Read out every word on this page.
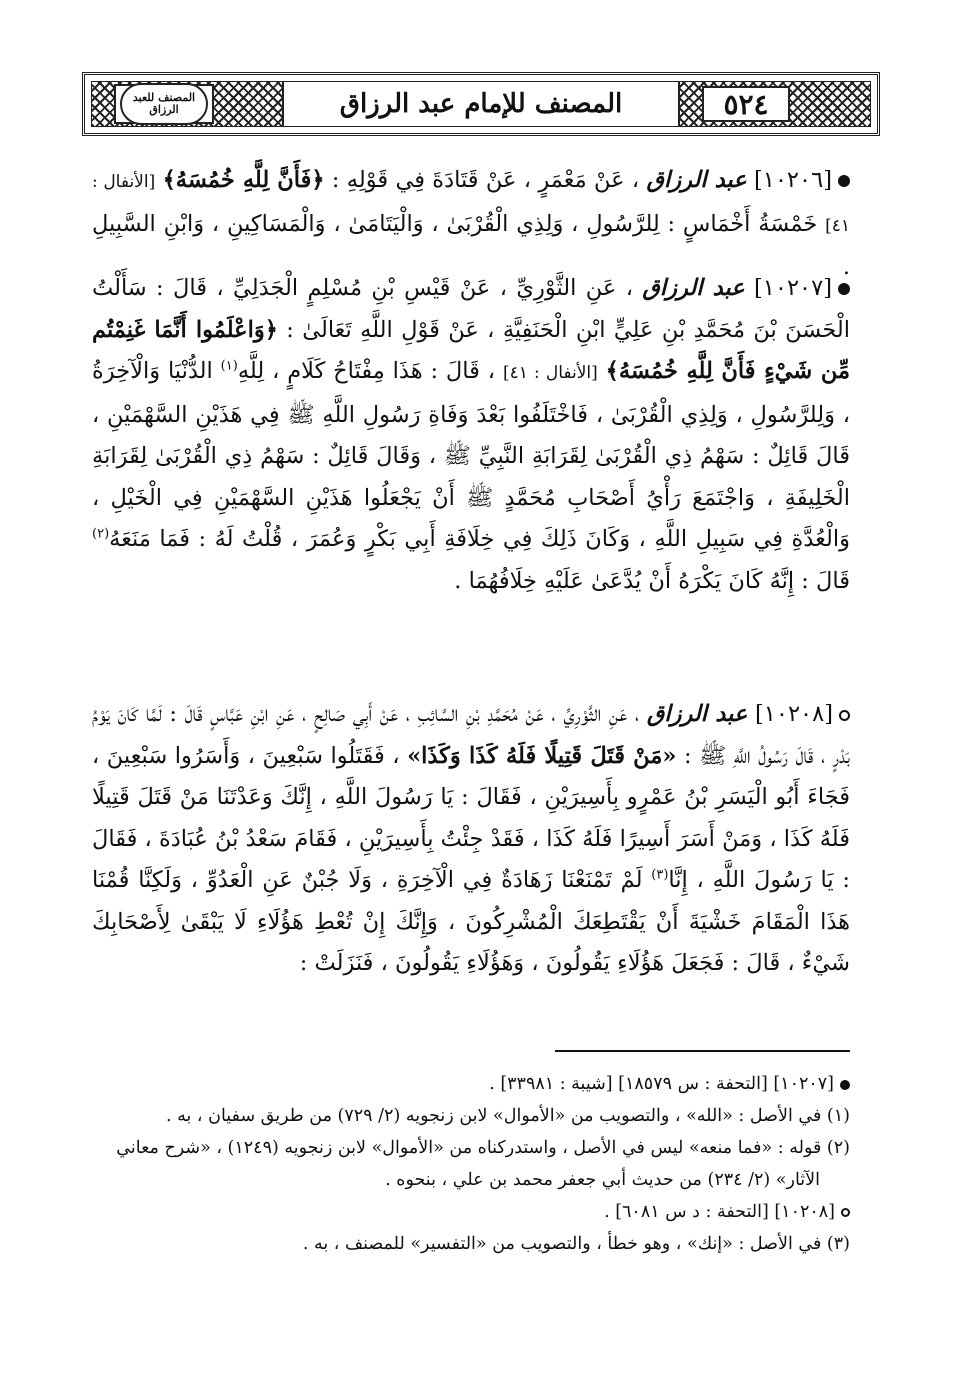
٥٢٤
المصنف للإمام عبد الرزاق
المصنف للعبد الرزاق

[١٠٢٠٦] عبد الرزاق ، عَنْ مَعْمَرٍ ، عَنْ قَتَادَةَ فِي قَوْلِهِ : ﴿فَأَنَّ لِلَّهِ خُمُسَهُ﴾ [الأنفال : ٤١] خَمْسَةُ أَخْمَاسٍ : لِلرَّسُولِ ، وَلِذِي الْقُرْبَىٰ ، وَالْيَتَامَىٰ ، وَالْمَسَاكِينِ ، وَابْنِ السَّبِيلِ .

[١٠٢٠٧] عبد الرزاق ، عَنِ الثَّوْرِيِّ ، عَنْ قَيْسِ بْنِ مُسْلِمٍ الْجَدَلِيِّ ، قَالَ : سَأَلْتُ الْحَسَنَ بْنَ مُحَمَّدِ بْنِ عَلِيٍّ ابْنِ الْحَنَفِيَّةِ ، عَنْ قَوْلِ اللَّهِ تَعَالَىٰ : ﴿وَاعْلَمُوا أَنَّمَا غَنِمْتُم مِّن شَيْءٍ فَأَنَّ لِلَّهِ خُمُسَهُ﴾ [الأنفال : ٤١] ، قَالَ : هَذَا مِفْتَاحُ كَلَامٍ ، لِلَّهِ$^{(١)}$ الدُّنْيَا وَالْآخِرَةُ ، وَلِلرَّسُولِ ، وَلِذِي الْقُرْبَىٰ ، فَاخْتَلَفُوا بَعْدَ وَفَاةِ رَسُولِ اللَّهِ ﷺ فِي هَذَيْنِ السَّهْمَيْنِ ، قَالَ قَائِلٌ : سَهْمُ ذِي الْقُرْبَىٰ لِقَرَابَةِ النَّبِيِّ ﷺ ، وَقَالَ قَائِلٌ : سَهْمُ ذِي الْقُرْبَىٰ لِقَرَابَةِ الْخَلِيفَةِ ، وَاجْتَمَعَ رَأْيُ أَصْحَابِ مُحَمَّدٍ ﷺ أَنْ يَجْعَلُوا هَذَيْنِ السَّهْمَيْنِ فِي الْخَيْلِ ، وَالْعُدَّةِ فِي سَبِيلِ اللَّهِ ، وَكَانَ ذَلِكَ فِي خِلَافَةِ أَبِي بَكْرٍ وَعُمَرَ ، قُلْتُ لَهُ : فَمَا مَنَعَهُ$^{(٢)}$ قَالَ : إِنَّهُ كَانَ يَكْرَهُ أَنْ يُدَّعَىٰ عَلَيْهِ خِلَافُهُمَا .

[١٠٢٠٨] عبد الرزاق ، عَنِ الثَّوْرِيِّ ، عَنْ مُحَمَّدِ بْنِ السَّائِبِ ، عَنْ أَبِي صَالِحٍ ، عَنِ ابْنِ عَبَّاسٍ قَالَ : لَمَّا كَانَ يَوْمُ بَدْرٍ ، قَالَ رَسُولُ اللَّهِ ﷺ : «مَنْ قَتَلَ قَتِيلًا فَلَهُ كَذَا وَكَذَا» ، فَقَتَلُوا سَبْعِينَ ، وَأَسَرُوا سَبْعِينَ ، فَجَاءَ أَبُو الْيَسَرِ بْنُ عَمْرٍو بِأَسِيرَيْنِ ، فَقَالَ : يَا رَسُولَ اللَّهِ ، إِنَّكَ وَعَدْتَنَا مَنْ قَتَلَ قَتِيلًا فَلَهُ كَذَا ، وَمَنْ أَسَرَ أَسِيرًا فَلَهُ كَذَا ، فَقَدْ جِئْتُ بِأَسِيرَيْنِ ، فَقَامَ سَعْدُ بْنُ عُبَادَةَ ، فَقَالَ : يَا رَسُولَ اللَّهِ ، إِنَّا$^{(٣)}$ لَمْ تَمْنَعْنَا زَهَادَةٌ فِي الْآخِرَةِ ، وَلَا جُبْنٌ عَنِ الْعَدُوِّ ، وَلَكِنَّا قُمْنَا هَذَا الْمَقَامَ خَشْيَةَ أَنْ يَقْتَطِعَكَ الْمُشْرِكُونَ ، وَإِنَّكَ إِنْ تُعْطِ هَؤُلَاءِ لَا يَبْقَىٰ لِأَصْحَابِكَ شَيْءٌ ، قَالَ : فَجَعَلَ هَؤُلَاءِ يَقُولُونَ ، وَهَؤُلَاءِ يَقُولُونَ ، فَنَزَلَتْ :

[١٠٢٠٧] [التحفة : س ١٨٥٧٩] [شيبة : ٣٣٩٨١] .

(١) في الأصل : «الله» ، والتصويب من «الأموال» لابن زنجويه (٢/ ٧٢٩) من طريق سفيان ، به .

(٢) قوله : «فما منعه» ليس في الأصل ، واستدركناه من «الأموال» لابن زنجويه (١٢٤٩) ، «شرح معاني

الآثار» (٢/ ٢٣٤) من حديث أبي جعفر محمد بن علي ، بنحوه .

[١٠٢٠٨] [التحفة : د س ٦٠٨١] .

(٣) في الأصل : «إنك» ، وهو خطأ ، والتصويب من «التفسير» للمصنف ، به .
